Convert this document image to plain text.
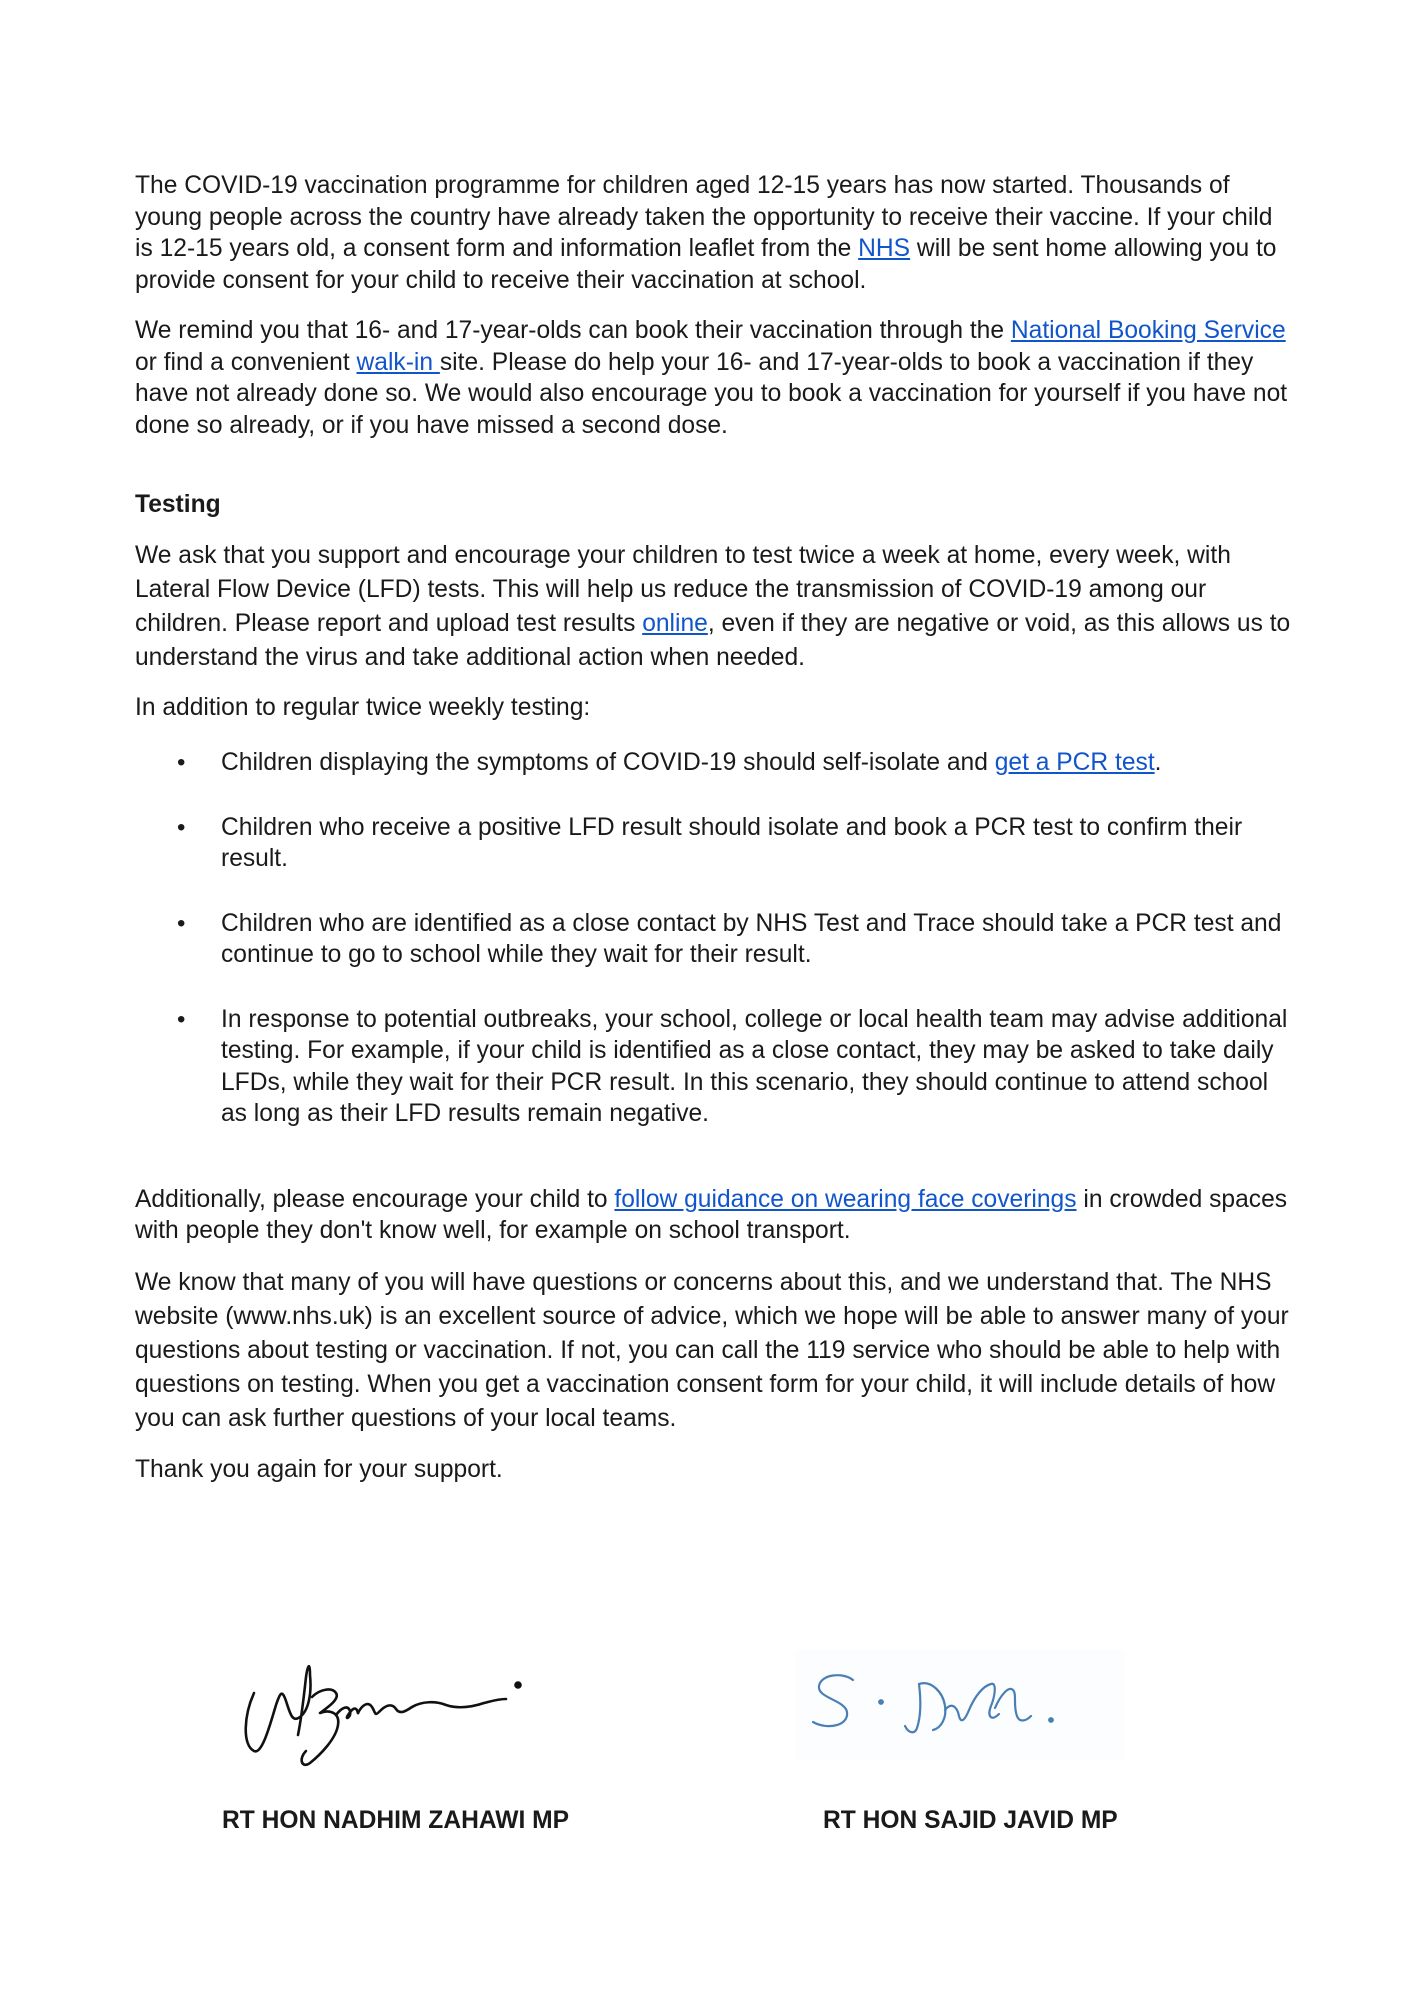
The COVID-19 vaccination programme for children aged 12-15 years has now started. Thousands of young people across the country have already taken the opportunity to receive their vaccine. If your child is 12-15 years old, a consent form and information leaflet from the NHS will be sent home allowing you to provide consent for your child to receive their vaccination at school.

We remind you that 16- and 17-year-olds can book their vaccination through the National Booking Service or find a convenient walk-in site. Please do help your 16- and 17-year-olds to book a vaccination if they have not already done so. We would also encourage you to book a vaccination for yourself if you have not done so already, or if you have missed a second dose.

Testing

We ask that you support and encourage your children to test twice a week at home, every week, with Lateral Flow Device (LFD) tests. This will help us reduce the transmission of COVID-19 among our children. Please report and upload test results online, even if they are negative or void, as this allows us to understand the virus and take additional action when needed.

In addition to regular twice weekly testing:

• Children displaying the symptoms of COVID-19 should self-isolate and get a PCR test.
• Children who receive a positive LFD result should isolate and book a PCR test to confirm their result.
• Children who are identified as a close contact by NHS Test and Trace should take a PCR test and continue to go to school while they wait for their result.
• In response to potential outbreaks, your school, college or local health team may advise additional testing. For example, if your child is identified as a close contact, they may be asked to take daily LFDs, while they wait for their PCR result. In this scenario, they should continue to attend school as long as their LFD results remain negative.

Additionally, please encourage your child to follow guidance on wearing face coverings in crowded spaces with people they don't know well, for example on school transport.

We know that many of you will have questions or concerns about this, and we understand that. The NHS website (www.nhs.uk) is an excellent source of advice, which we hope will be able to answer many of your questions about testing or vaccination. If not, you can call the 119 service who should be able to help with questions on testing. When you get a vaccination consent form for your child, it will include details of how you can ask further questions of your local teams.

Thank you again for your support.

RT HON NADHIM ZAHAWI MP	RT HON SAJID JAVID MP
